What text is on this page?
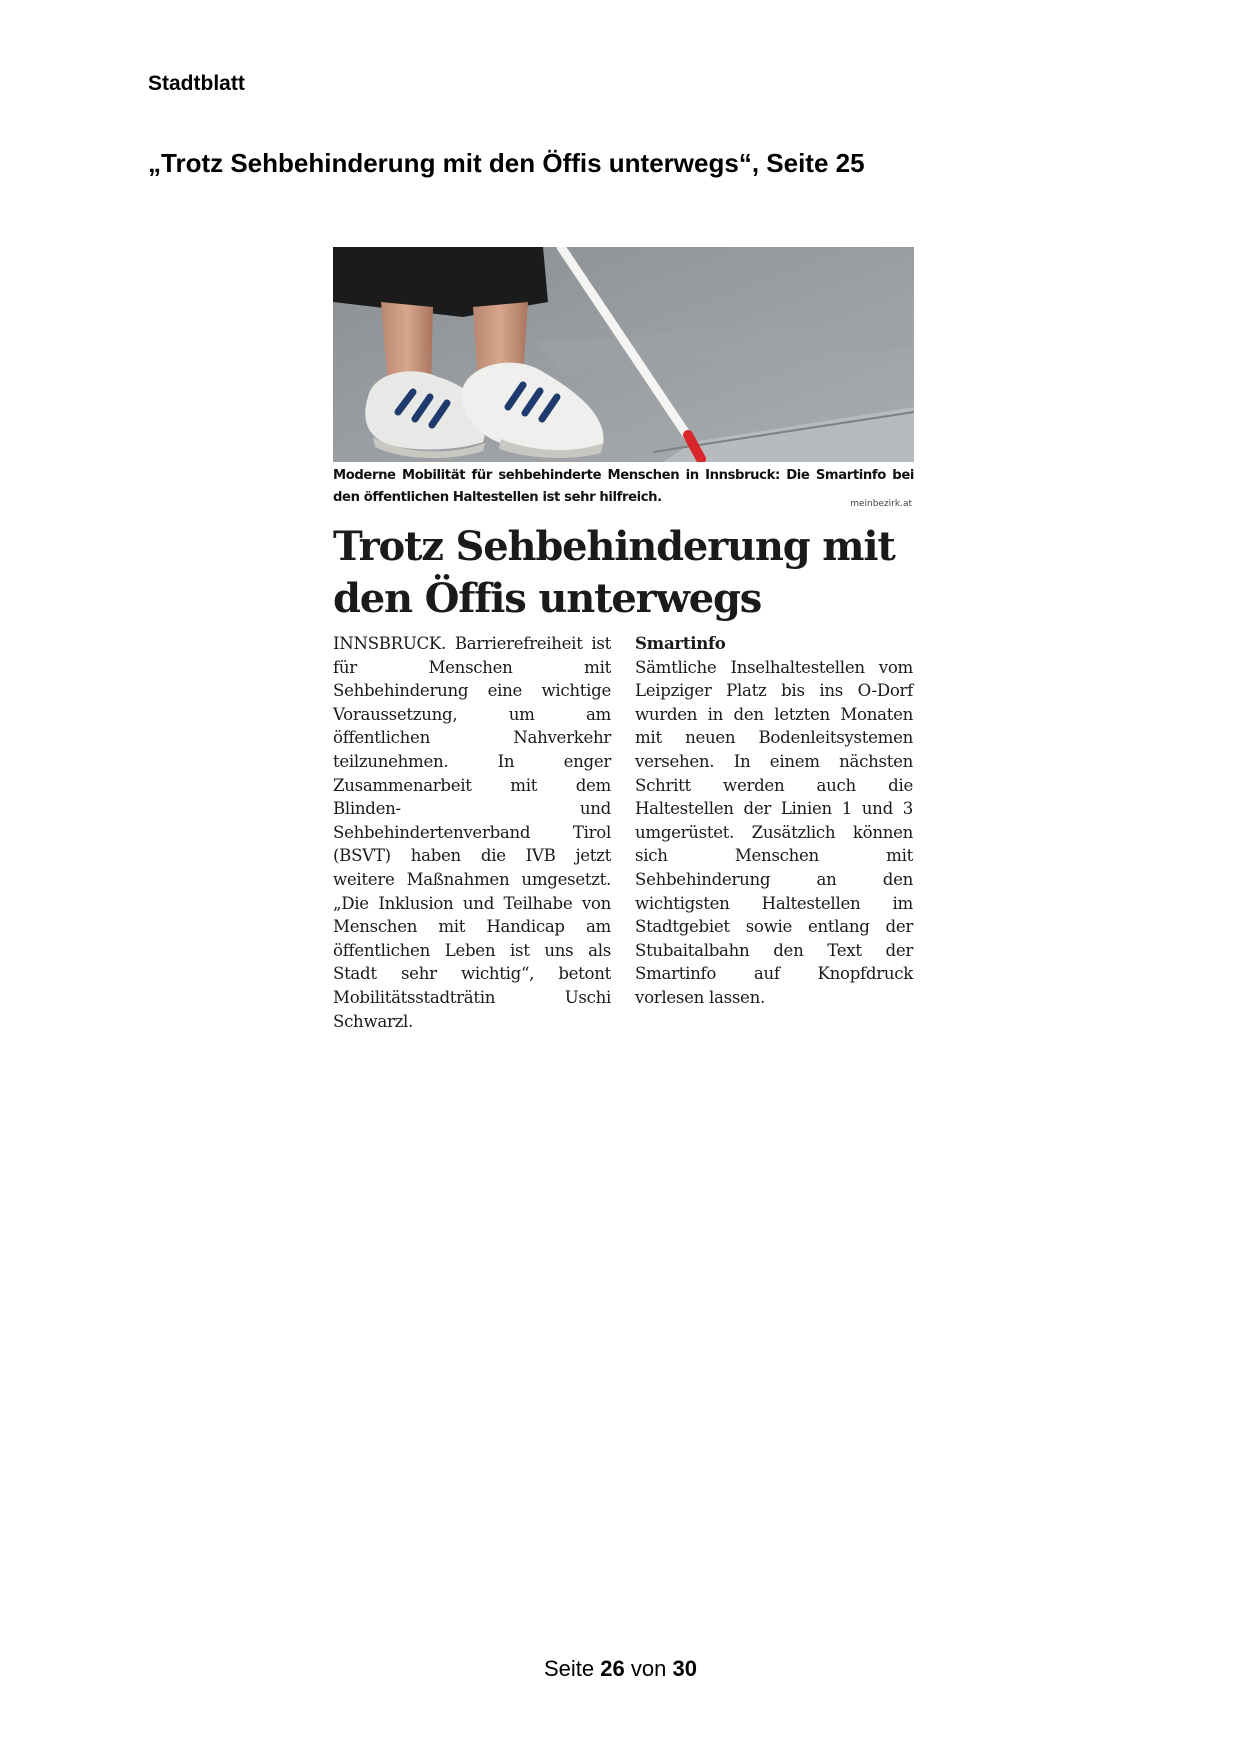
Stadtblatt
„Trotz Sehbehinderung mit den Öffis unterwegs“, Seite 25
Moderne Mobilität für sehbehinderte Menschen in Innsbruck: Die Smartinfo bei den öffentlichen Haltestellen ist sehr hilfreich.	meinbezirk.at
Trotz Sehbehinderung mit den Öffis unterwegs
INNSBRUCK. Barrierefreiheit ist für Menschen mit Sehbehinderung eine wichtige Voraussetzung, um am öffentlichen Nahverkehr teilzunehmen. In enger Zusammenarbeit mit dem Blinden- und Sehbehindertenverband Tirol (BSVT) haben die IVB jetzt weitere Maßnahmen umgesetzt. „Die Inklusion und Teilhabe von Menschen mit Handicap am öffentlichen Leben ist uns als Stadt sehr wichtig“, betont Mobilitätsstadträtin Uschi Schwarzl.
Smartinfo
Sämtliche Inselhaltestellen vom Leipziger Platz bis ins O-Dorf wurden in den letzten Monaten mit neuen Bodenleitsystemen versehen. In einem nächsten Schritt werden auch die Haltestellen der Linien 1 und 3 umgerüstet. Zusätzlich können sich Menschen mit Sehbehinderung an den wichtigsten Haltestellen im Stadtgebiet sowie entlang der Stubaitalbahn den Text der Smartinfo auf Knopfdruck vorlesen lassen.
Seite 26 von 30
